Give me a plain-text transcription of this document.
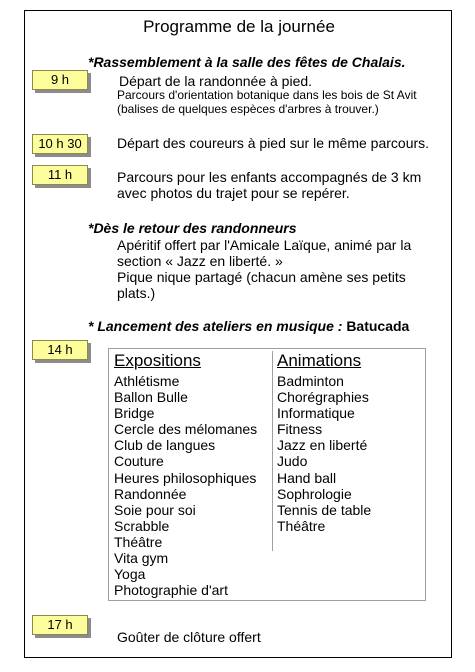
Programme de la journée
9 h
*Rassemblement à la salle des fêtes de Chalais.
Départ de la randonnée à pied.
Parcours d'orientation botanique dans les bois de St Avit
(balises de quelques espèces d'arbres à trouver.)
10 h 30	Départ des coureurs à pied sur le même parcours.
11 h	Parcours pour les enfants accompagnés de 3 km
avec photos du trajet pour se repérer.
*Dès le retour des randonneurs
Apéritif offert par l'Amicale Laïque, animé par la
section « Jazz en liberté. »
Pique nique partagé (chacun amène ses petits
plats.)
* Lancement des ateliers en musique : Batucada
14 h
Expositions
Athlétisme
Ballon Bulle
Bridge
Cercle des mélomanes
Club de langues
Couture
Heures philosophiques
Randonnée
Soie pour soi
Scrabble
Théâtre
Vita gym
Yoga
Photographie d'art
Animations
Badminton
Chorégraphies
Informatique
Fitness
Jazz en liberté
Judo
Hand ball
Sophrologie
Tennis de table
Théâtre
17 h
Goûter de clôture offert
